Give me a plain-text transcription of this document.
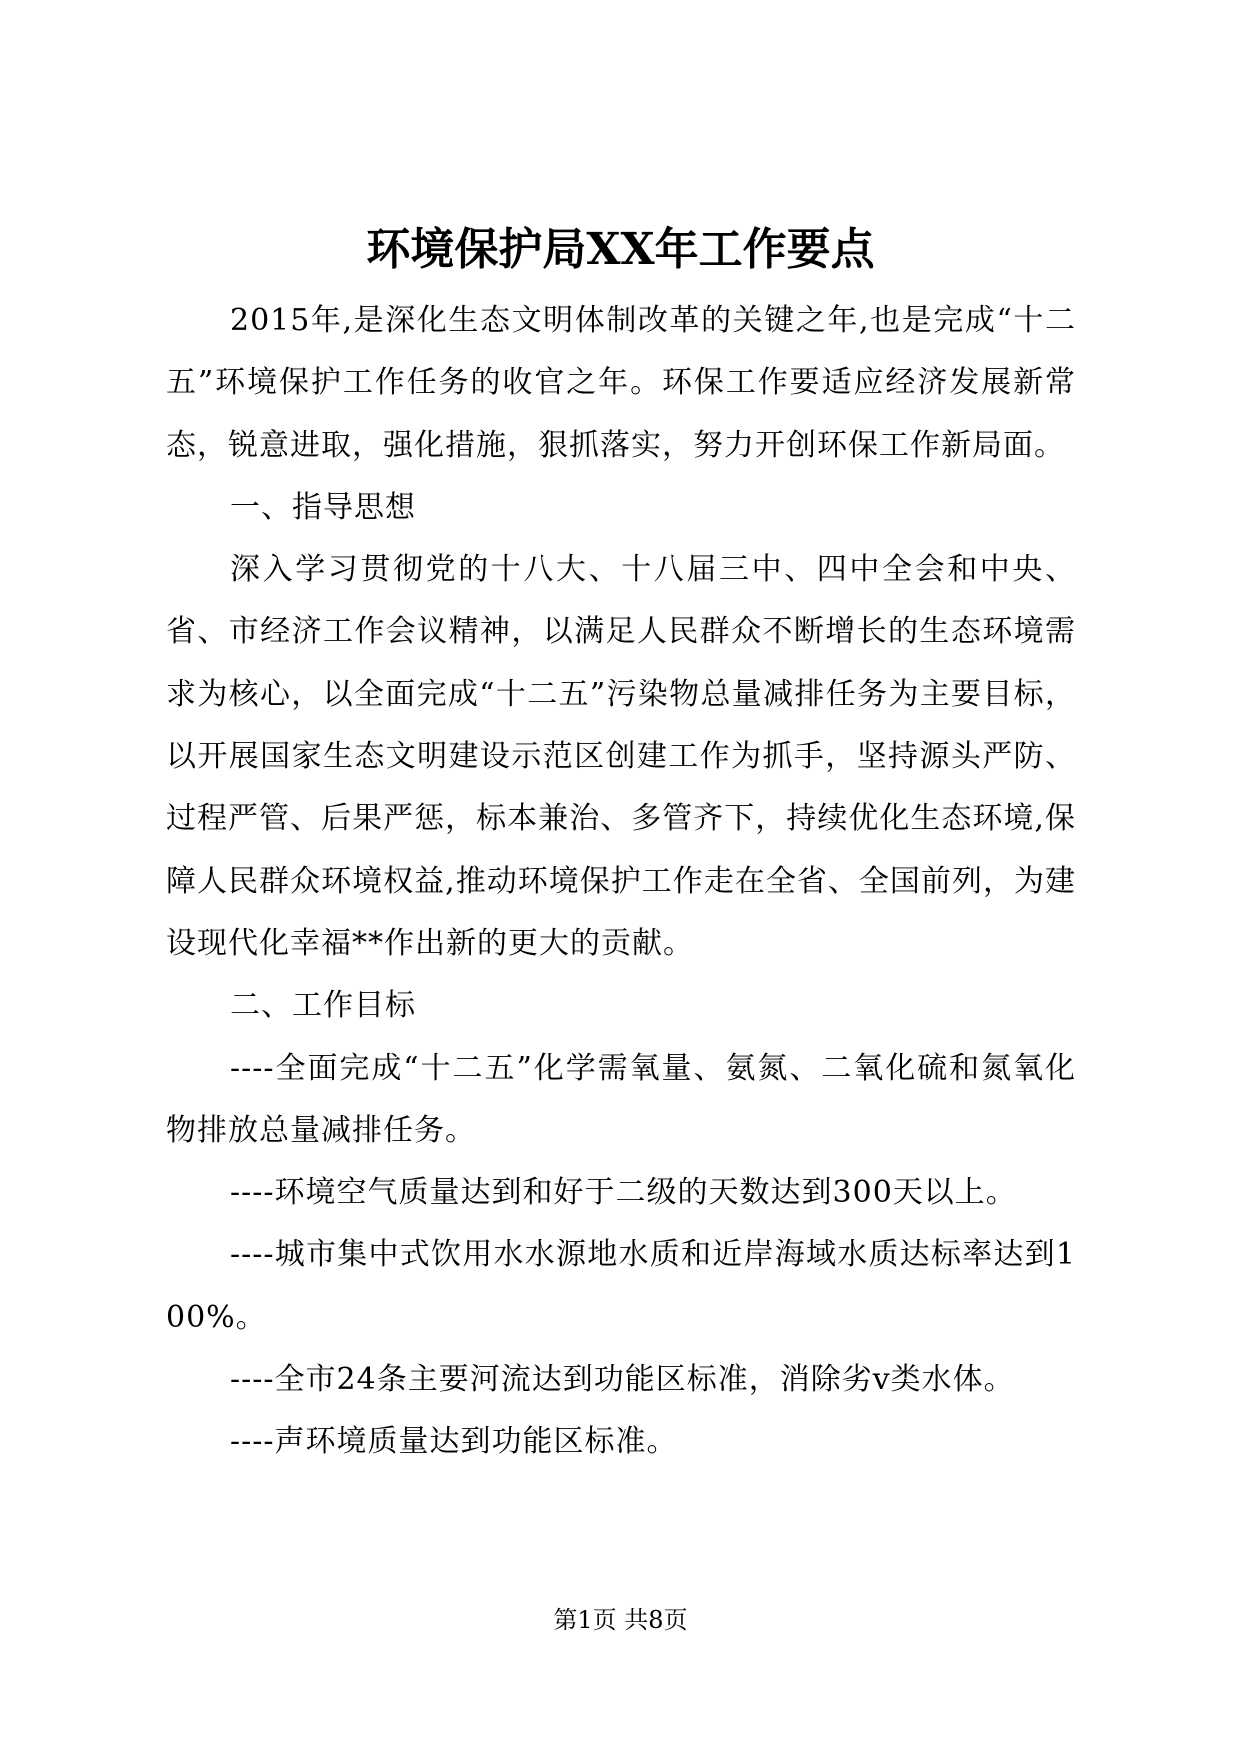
环境保护局XX年工作要点

2015年,是深化生态文明体制改革的关键之年,也是完成“十二五”环境保护工作任务的收官之年。环保工作要适应经济发展新常态，锐意进取，强化措施，狠抓落实，努力开创环保工作新局面。

一、指导思想

深入学习贯彻党的十八大、十八届三中、四中全会和中央、省、市经济工作会议精神，以满足人民群众不断增长的生态环境需求为核心，以全面完成“十二五”污染物总量减排任务为主要目标，以开展国家生态文明建设示范区创建工作为抓手，坚持源头严防、过程严管、后果严惩，标本兼治、多管齐下，持续优化生态环境,保障人民群众环境权益,推动环境保护工作走在全省、全国前列，为建设现代化幸福**作出新的更大的贡献。

二、工作目标

----全面完成“十二五”化学需氧量、氨氮、二氧化硫和氮氧化物排放总量减排任务。

----环境空气质量达到和好于二级的天数达到300天以上。

----城市集中式饮用水水源地水质和近岸海域水质达标率达到100%。

----全市24条主要河流达到功能区标准，消除劣v类水体。

----声环境质量达到功能区标准。

第1页 共8页
